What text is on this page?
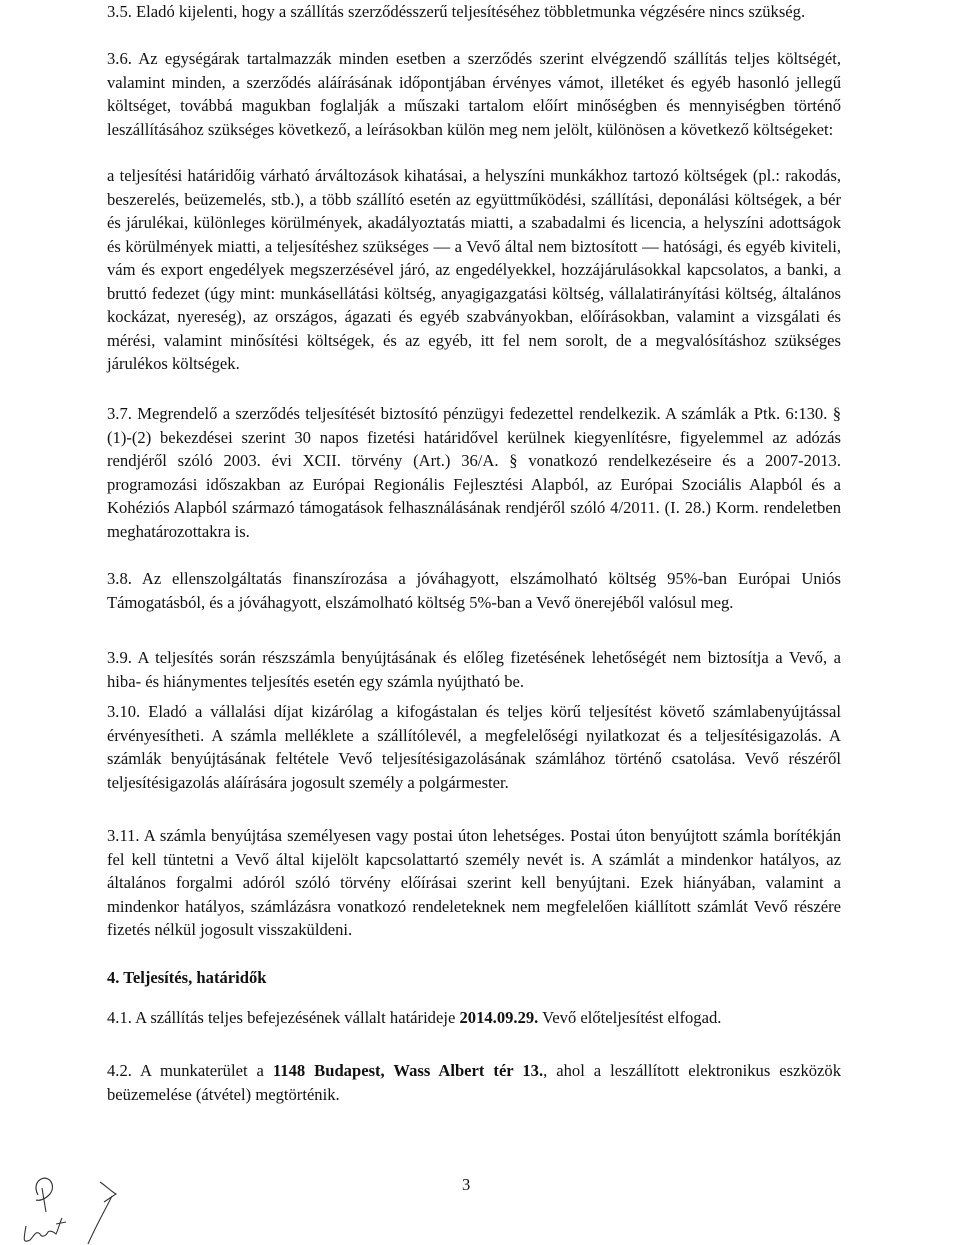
3.5. Eladó kijelenti, hogy a szállítás szerződésszerű teljesítéséhez többletmunka végzésére nincs szükség.

3.6. Az egységárak tartalmazzák minden esetben a szerződés szerint elvégzendő szállítás teljes költségét, valamint minden, a szerződés aláírásának időpontjában érvényes vámot, illetéket és egyéb hasonló jellegű költséget, továbbá magukban foglalják a műszaki tartalom előírt minőségben és mennyiségben történő leszállításához szükséges következő, a leírásokban külön meg nem jelölt, különösen a következő költségeket:

a teljesítési határidőig várható árváltozások kihatásai, a helyszíni munkákhoz tartozó költségek (pl.: rakodás, beszerelés, beüzemelés, stb.), a több szállító esetén az együttműködési, szállítási, deponálási költségek, a bér és járulékai, különleges körülmények, akadályoztatás miatti, a szabadalmi és licencia, a helyszíni adottságok és körülmények miatti, a teljesítéshez szükséges — a Vevő által nem biztosított — hatósági, és egyéb kiviteli, vám és export engedélyek megszerzésével járó, az engedélyekkel, hozzájárulásokkal kapcsolatos, a banki, a bruttó fedezet (úgy mint: munkásellátási költség, anyagigazgatási költség, vállalatirányítási költség, általános kockázat, nyereség), az országos, ágazati és egyéb szabványokban, előírásokban, valamint a vizsgálati és mérési, valamint minősítési költségek, és az egyéb, itt fel nem sorolt, de a megvalósításhoz szükséges járulékos költségek.

3.7. Megrendelő a szerződés teljesítését biztosító pénzügyi fedezettel rendelkezik. A számlák a Ptk. 6:130. § (1)-(2) bekezdései szerint 30 napos fizetési határidővel kerülnek kiegyenlítésre, figyelemmel az adózás rendjéről szóló 2003. évi XCII. törvény (Art.) 36/A. § vonatkozó rendelkezéseire és a 2007-2013. programozási időszakban az Európai Regionális Fejlesztési Alapból, az Európai Szociális Alapból és a Kohéziós Alapból származó támogatások felhasználásának rendjéről szóló 4/2011. (I. 28.) Korm. rendeletben meghatározottakra is.

3.8. Az ellenszolgáltatás finanszírozása a jóváhagyott, elszámolható költség 95%-ban Európai Uniós Támogatásból, és a jóváhagyott, elszámolható költség 5%-ban a Vevő önerejéből valósul meg.

3.9. A teljesítés során részszámla benyújtásának és előleg fizetésének lehetőségét nem biztosítja a Vevő, a hiba- és hiánymentes teljesítés esetén egy számla nyújtható be.

3.10. Eladó a vállalási díjat kizárólag a kifogástalan és teljes körű teljesítést követő számlabenyújtással érvényesítheti. A számla melléklete a szállítólevél, a megfelelőségi nyilatkozat és a teljesítésigazolás. A számlák benyújtásának feltétele Vevő teljesítésigazolásának számlához történő csatolása. Vevő részéről teljesítésigazolás aláírására jogosult személy a polgármester.

3.11. A számla benyújtása személyesen vagy postai úton lehetséges. Postai úton benyújtott számla borítékján fel kell tüntetni a Vevő által kijelölt kapcsolattartó személy nevét is. A számlát a mindenkor hatályos, az általános forgalmi adóról szóló törvény előírásai szerint kell benyújtani. Ezek hiányában, valamint a mindenkor hatályos, számlázásra vonatkozó rendeleteknek nem megfelelően kiállított számlát Vevő részére fizetés nélkül jogosult visszaküldeni.

4. Teljesítés, határidők

4.1. A szállítás teljes befejezésének vállalt határideje 2014.09.29. Vevő előteljesítést elfogad.

4.2. A munkaterület a 1148 Budapest, Wass Albert tér 13., ahol a leszállított elektronikus eszközök beüzemelése (átvétel) megtörténik.

3
